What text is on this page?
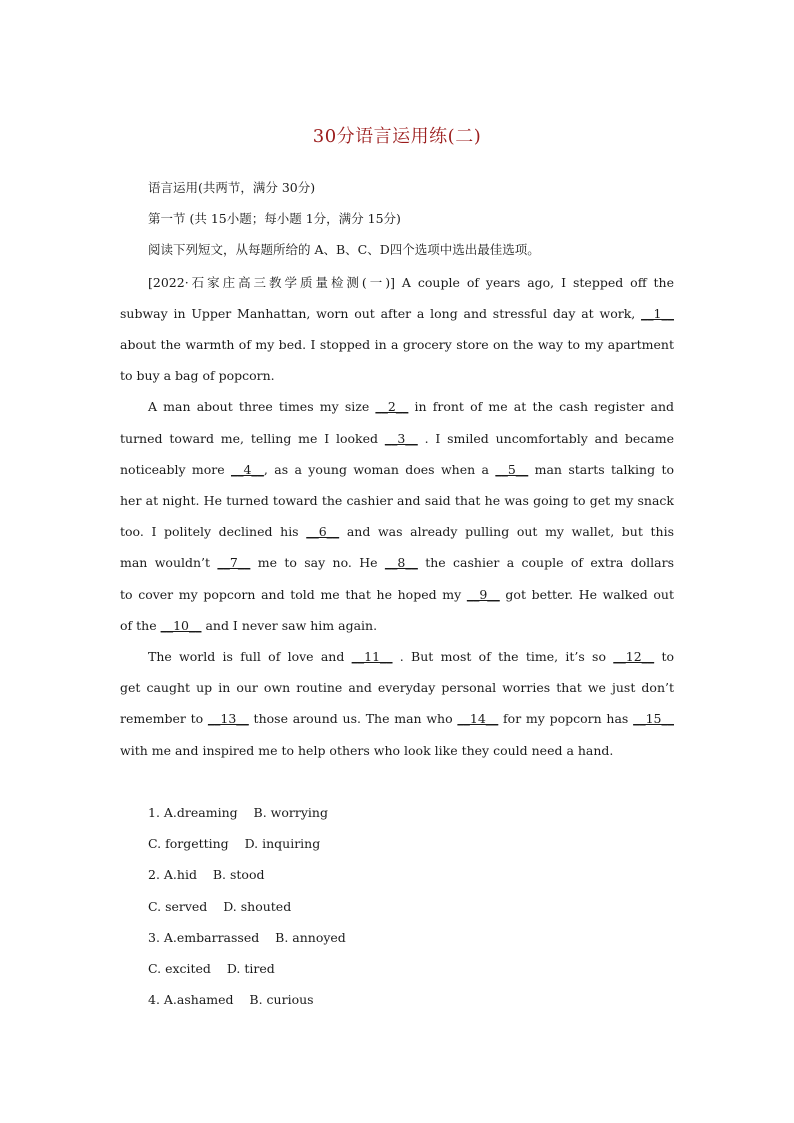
30分语言运用练(二)
语言运用(共两节，满分 30分)
第一节 (共 15小题；每小题 1分，满分 15分)
阅读下列短文，从每题所给的 A、B、C、D四个选项中选出最佳选项。
[2022·石家庄高三教学质量检测(一)] A couple of years ago, I stepped off the
subway in Upper Manhattan, worn out after a long and stressful day at work, __1__
about the warmth of my bed. I stopped in a grocery store on the way to my apartment
to buy a bag of popcorn.
A man about three times my size __2__ in front of me at the cash register and
turned toward me, telling me I looked __3__ . I smiled uncomfortably and became
noticeably more __4__, as a young woman does when a __5__ man starts talking to
her at night. He turned toward the cashier and said that he was going to get my snack
too. I politely declined his __6__ and was already pulling out my wallet, but this
man wouldn’t __7__ me to say no. He __8__ the cashier a couple of extra dollars
to cover my popcorn and told me that he hoped my __9__ got better. He walked out
of the __10__ and I never saw him again.
The world is full of love and __11__ . But most of the time, it’s so __12__ to
get caught up in our own routine and everyday personal worries that we just don’t
remember to __13__ those around us. The man who __14__ for my popcorn has __15__
with me and inspired me to help others who look like they could need a hand.
1. A.dreaming    B. worrying
C. forgetting    D. inquiring
2. A.hid    B. stood
C. served    D. shouted
3. A.embarrassed    B. annoyed
C. excited    D. tired
4. A.ashamed    B. curious
